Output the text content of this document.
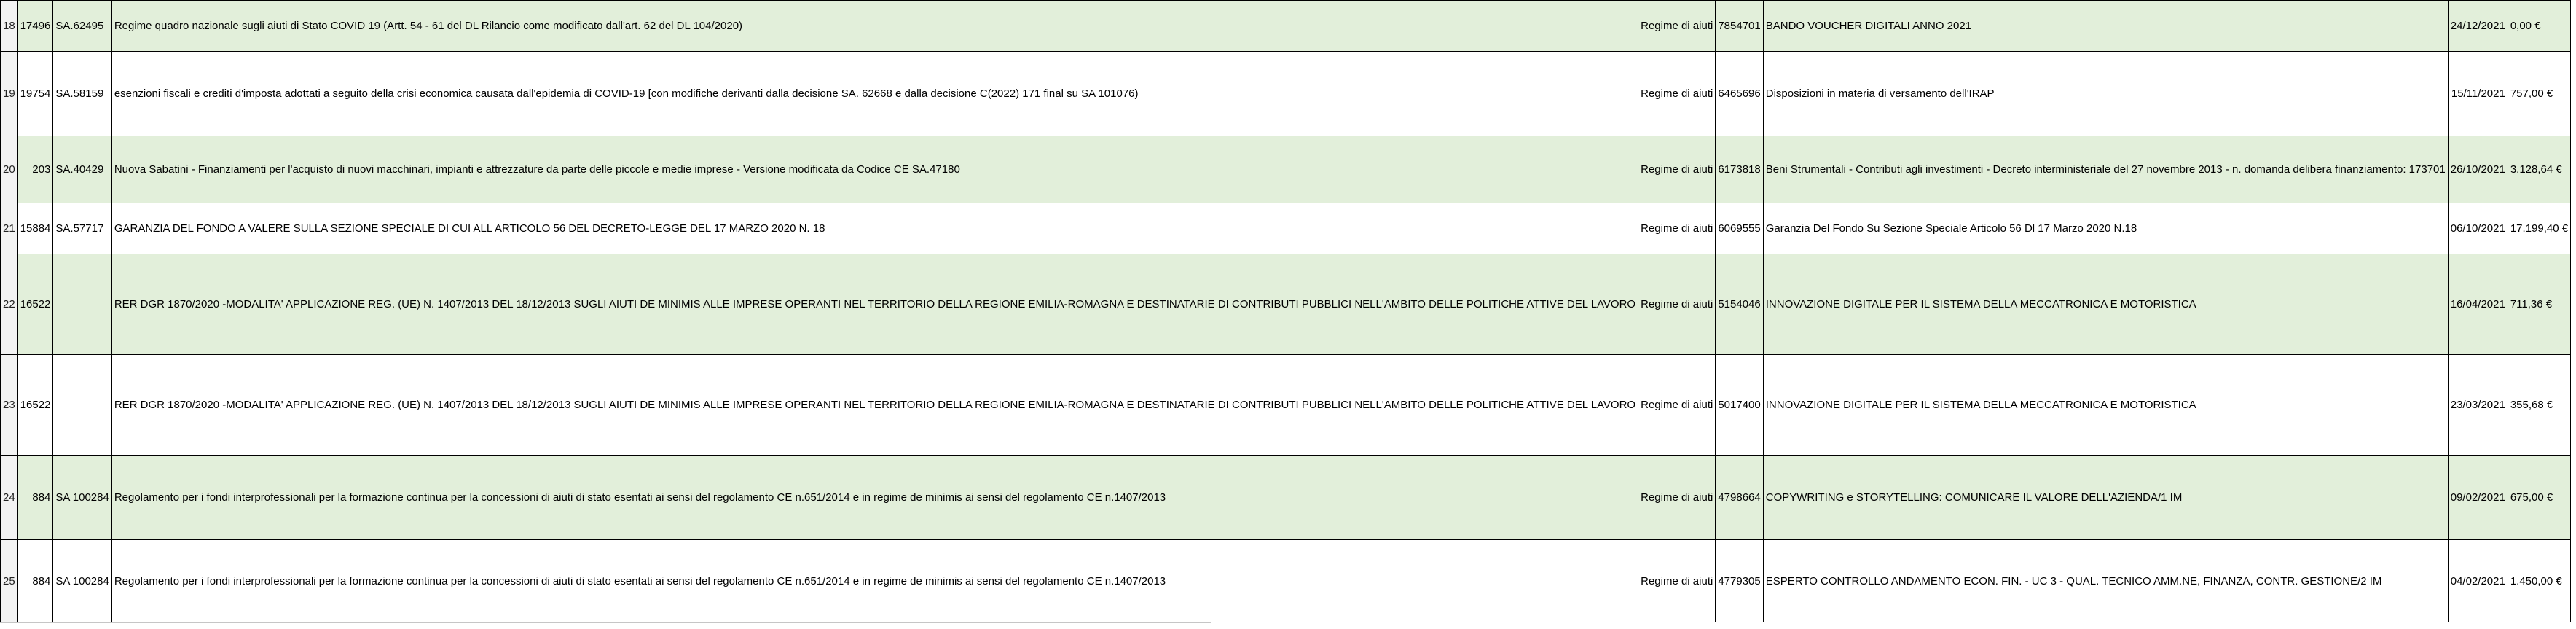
18	17496	SA.62495	Regime quadro nazionale sugli aiuti di Stato COVID 19 (Artt. 54 - 61 del DL Rilancio come modificato dall'art. 62 del DL 104/2020)	Regime di aiuti	7854701	BANDO VOUCHER DIGITALI ANNO 2021	24/12/2021	0,00 €	
19	19754	SA.58159	esenzioni fiscali e crediti d'imposta adottati a seguito della crisi economica causata dall'epidemia di COVID-19 [con modifiche derivanti dalla decisione SA. 62668 e dalla decisione C(2022) 171 final su SA 101076)	Regime di aiuti	6465696	Disposizioni in materia di versamento dell'IRAP	15/11/2021	757,00 €	
20	203	SA.40429	Nuova Sabatini - Finanziamenti per l'acquisto di nuovi macchinari, impianti e attrezzature da parte delle piccole e medie imprese - Versione modificata da Codice CE SA.47180	Regime di aiuti	6173818	Beni Strumentali - Contributi agli investimenti - Decreto interministeriale del 27 novembre 2013 - n. domanda delibera finanziamento: 173701	26/10/2021	3.128,64 €	
21	15884	SA.57717	GARANZIA DEL FONDO A VALERE SULLA SEZIONE SPECIALE DI CUI ALL ARTICOLO 56 DEL DECRETO-LEGGE DEL 17 MARZO 2020 N. 18	Regime di aiuti	6069555	Garanzia Del Fondo Su Sezione Speciale Articolo 56 Dl 17 Marzo 2020 N.18	06/10/2021	17.199,40 €	
22	16522		RER DGR 1870/2020 -MODALITA' APPLICAZIONE REG. (UE) N. 1407/2013 DEL 18/12/2013 SUGLI AIUTI DE MINIMIS ALLE IMPRESE OPERANTI NEL TERRITORIO DELLA REGIONE EMILIA-ROMAGNA E DESTINATARIE DI CONTRIBUTI PUBBLICI NELL'AMBITO DELLE POLITICHE ATTIVE DEL LAVORO	Regime di aiuti	5154046	INNOVAZIONE DIGITALE PER IL SISTEMA DELLA MECCATRONICA E MOTORISTICA	16/04/2021	711,36 €	
23	16522		RER DGR 1870/2020 -MODALITA' APPLICAZIONE REG. (UE) N. 1407/2013 DEL 18/12/2013 SUGLI AIUTI DE MINIMIS ALLE IMPRESE OPERANTI NEL TERRITORIO DELLA REGIONE EMILIA-ROMAGNA E DESTINATARIE DI CONTRIBUTI PUBBLICI NELL'AMBITO DELLE POLITICHE ATTIVE DEL LAVORO	Regime di aiuti	5017400	INNOVAZIONE DIGITALE PER IL SISTEMA DELLA MECCATRONICA E MOTORISTICA	23/03/2021	355,68 €	
24	884	SA 100284	Regolamento per i fondi interprofessionali per la formazione continua per la concessioni di aiuti di stato esentati ai sensi del regolamento CE n.651/2014 e in regime de minimis ai sensi del regolamento CE n.1407/2013	Regime di aiuti	4798664	COPYWRITING e STORYTELLING: COMUNICARE IL VALORE DELL'AZIENDA/1 IM	09/02/2021	675,00 €	
25	884	SA 100284	Regolamento per i fondi interprofessionali per la formazione continua per la concessioni di aiuti di stato esentati ai sensi del regolamento CE n.651/2014 e in regime de minimis ai sensi del regolamento CE n.1407/2013	Regime di aiuti	4779305	ESPERTO CONTROLLO ANDAMENTO ECON. FIN. - UC 3 - QUAL. TECNICO AMM.NE, FINANZA, CONTR. GESTIONE/2 IM	04/02/2021	1.450,00 €	
